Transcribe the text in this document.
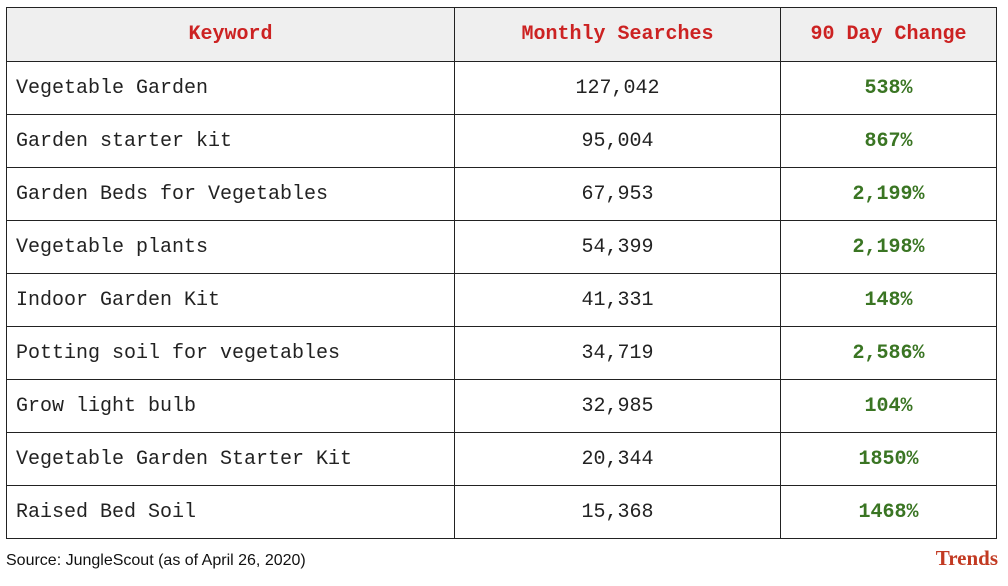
Keyword	Monthly Searches	90 Day Change
Vegetable Garden	127,042	538%
Garden starter kit	95,004	867%
Garden Beds for Vegetables	67,953	2,199%
Vegetable plants	54,399	2,198%
Indoor Garden Kit	41,331	148%
Potting soil for vegetables	34,719	2,586%
Grow light bulb	32,985	104%
Vegetable Garden Starter Kit	20,344	1850%
Raised Bed Soil	15,368	1468%
Source: JungleScout (as of April 26, 2020)	Trends
